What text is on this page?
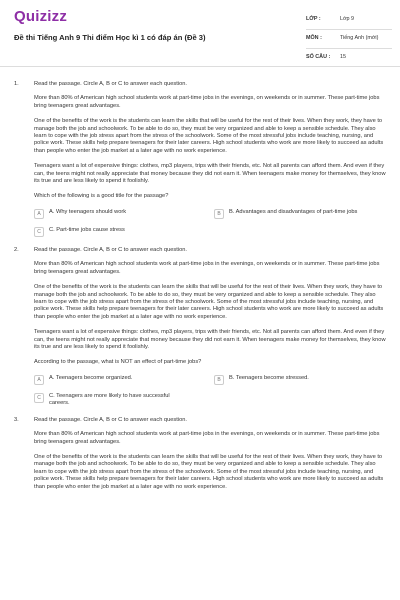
Quizizz
Đề thi Tiếng Anh 9 Thi điểm Học kì 1 có đáp án (Đề 3)
LỚP :	Lớp 9
MÔN :	Tiếng Anh (mới)
SỐ CÂU : 15
1.	Read the passage. Circle A, B or C to answer each question.

More than 80% of American high school students work at part-time jobs in the evenings, on weekends or in summer. These part-time jobs bring teenagers great advantages.

One of the benefits of the work is the students can learn the skills that will be useful for the rest of their lives. When they work, they have to manage both the job and schoolwork. To be able to do so, they must be very organized and able to keep a sensible schedule. They also learn to cope with the job stress apart from the stress of the schoolwork. Some of the most stressful jobs include teaching, nursing, and police work. These skills help prepare teenagers for their later careers. High school students who work are more likely to succeed as adults than people who enter the job market at a later age with no work experience.

Teenagers want a lot of expensive things: clothes, mp3 players, trips with their friends, etc. Not all parents can afford them. And even if they can, the teens might not really appreciate that money because they did not earn it. When teenagers make money for themselves, they know its true and are less likely to spend it foolishly.

Which of the following is a good title for the passage?

A	A. Why teenagers should work	B	B. Advantages and disadvantages of part-time jobs
C	C. Part-time jobs cause stress
2.	Read the passage. Circle A, B or C to answer each question.

More than 80% of American high school students work at part-time jobs in the evenings, on weekends or in summer. These part-time jobs bring teenagers great advantages.

One of the benefits of the work is the students can learn the skills that will be useful for the rest of their lives. When they work, they have to manage both the job and schoolwork. To be able to do so, they must be very organized and able to keep a sensible schedule. They also learn to cope with the job stress apart from the stress of the schoolwork. Some of the most stressful jobs include teaching, nursing, and police work. These skills help prepare teenagers for their later careers. High school students who work are more likely to succeed as adults than people who enter the job market at a later age with no work experience.

Teenagers want a lot of expensive things: clothes, mp3 players, trips with their friends, etc. Not all parents can afford them. And even if they can, the teens might not really appreciate that money because they did not earn it. When teenagers make money for themselves, they know its true and are less likely to spend it foolishly.

According to the passage, what is NOT an effect of part-time jobs?

A	A. Teenagers become organized.	B	B. Teenagers become stressed.
C	C. Teenagers are more likely to have successful careers.
3.	Read the passage. Circle A, B or C to answer each question.

More than 80% of American high school students work at part-time jobs in the evenings, on weekends or in summer. These part-time jobs bring teenagers great advantages.

One of the benefits of the work is the students can learn the skills that will be useful for the rest of their lives. When they work, they have to manage both the job and schoolwork. To be able to do so, they must be very organized and able to keep a sensible schedule. They also learn to cope with the job stress apart from the stress of the schoolwork. Some of the most stressful jobs include teaching, nursing, and police work. These skills help prepare teenagers for their later careers. High school students who work are more likely to succeed as adults than people who enter the job market at a later age with no work experience.
